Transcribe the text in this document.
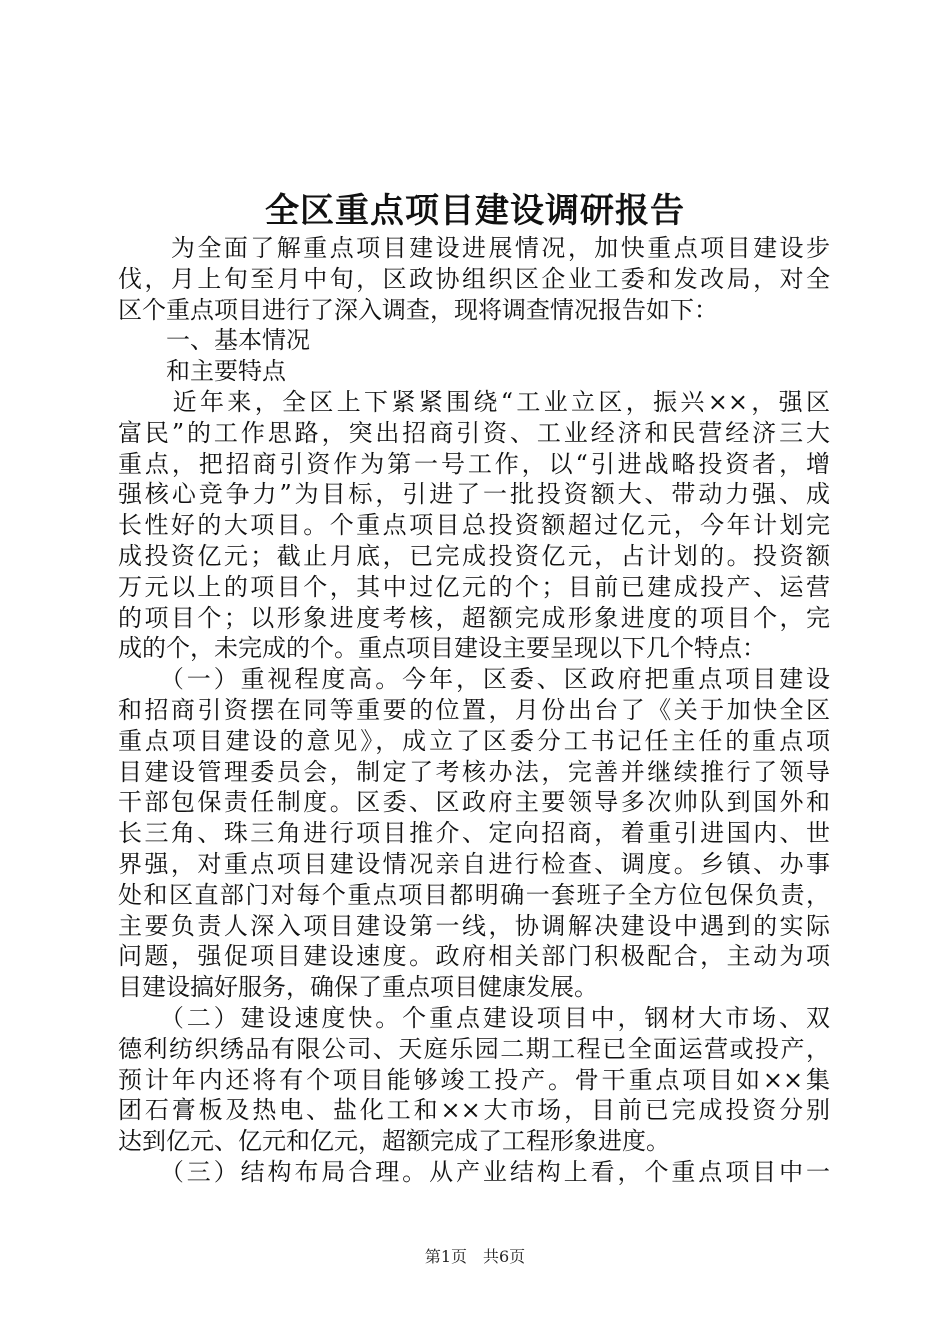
全区重点项目建设调研报告
　　为全面了解重点项目建设进展情况，加快重点项目建设步
伐，月上旬至月中旬，区政协组织区企业工委和发改局，对全
区个重点项目进行了深入调查，现将调查情况报告如下：
　　一、基本情况
　　和主要特点
　　近年来，全区上下紧紧围绕“工业立区，振兴××，强区
富民”的工作思路，突出招商引资、工业经济和民营经济三大
重点，把招商引资作为第一号工作，以“引进战略投资者，增
强核心竞争力”为目标，引进了一批投资额大、带动力强、成
长性好的大项目。个重点项目总投资额超过亿元，今年计划完
成投资亿元；截止月底，已完成投资亿元，占计划的。投资额
万元以上的项目个，其中过亿元的个；目前已建成投产、运营
的项目个；以形象进度考核，超额完成形象进度的项目个，完
成的个，未完成的个。重点项目建设主要呈现以下几个特点：
　　（一）重视程度高。今年，区委、区政府把重点项目建设
和招商引资摆在同等重要的位置，月份出台了《关于加快全区
重点项目建设的意见》，成立了区委分工书记任主任的重点项
目建设管理委员会，制定了考核办法，完善并继续推行了领导
干部包保责任制度。区委、区政府主要领导多次帅队到国外和
长三角、珠三角进行项目推介、定向招商，着重引进国内、世
界强，对重点项目建设情况亲自进行检查、调度。乡镇、办事
处和区直部门对每个重点项目都明确一套班子全方位包保负责，
主要负责人深入项目建设第一线，协调解决建设中遇到的实际
问题，强促项目建设速度。政府相关部门积极配合，主动为项
目建设搞好服务，确保了重点项目健康发展。
　　（二）建设速度快。个重点建设项目中，钢材大市场、双
德利纺织绣品有限公司、天庭乐园二期工程已全面运营或投产，
预计年内还将有个项目能够竣工投产。骨干重点项目如××集
团石膏板及热电、盐化工和××大市场，目前已完成投资分别
达到亿元、亿元和亿元，超额完成了工程形象进度。
　　（三）结构布局合理。从产业结构上看，个重点项目中一
第1页　共6页
